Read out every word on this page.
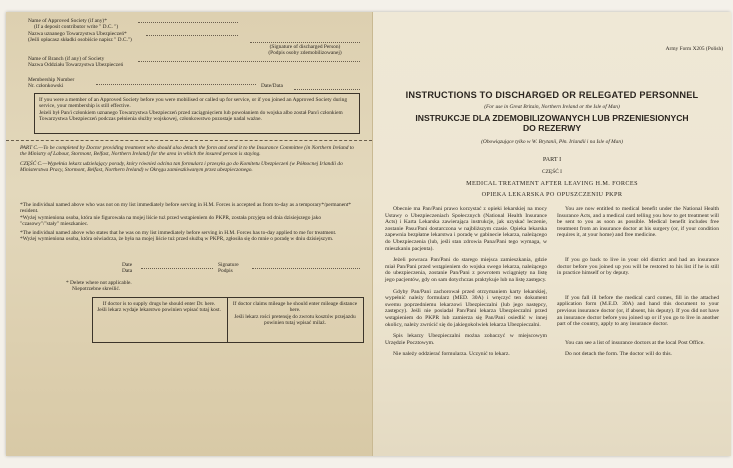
Name of Approved Society (if any)*
(If a deposit contributor write " D.C. ")
Nazwa uznanego Towarzystwa Ubezpieczeń*
(Jeśli opłacasz składki osobiście napisz " D.C.")
(Signature of discharged Person)
(Podpis osoby zdemobilizowanej)
Name of Branch (if any) of Society
Nazwa Oddziału Towarzystwa Ubezpieczeń
Membership Number
Nr. członkowski	Date/Data
If you were a member of an Approved Society before you were mobilised or called up for service, or if you joined an Approved Society during service, your membership is still effective.
Jeżeli był Pan/i członkiem uznanego Towarzystwa Ubezpieczeń przed zaciągnięciem lub powołaniem do wojska albo został Pan/i członkiem Towarzystwa Ubezpieczeń podczas pełnienia służby wojskowej, członkowstwo pozostaje nadal ważne.
PART C.—To be completed by Doctor providing treatment who should also detach the form and send it to the Insurance Committee (in Northern Ireland to the Ministry of Labour, Stormont, Belfast, Northern Ireland) for the area in which the insured person is staying.
CZĘŚĆ C.—Wypełnia lekarz udzielający porady, który również odcina tan formularz i przesyła go do Komitetu Ubezpieczeń (w Północnej Irlandii do Ministerstwa Pracy, Stormont, Belfast, Northern Ireland) w Okręgu zamieszkiwanym przez ubezpieczonego.
*The individual named above who was not on my list immediately before serving in H.M. Forces is accepted as from to-day as a temporary*/permanent* resident.
*Wyżej wymieniona osoba, która nie figurowała na mojej liście tuż przed wstąpieniem do PKPR, została przyjęta od dnia dzisiejszego jako "czasowy"/"stały" mieszkaniec.
*The individual named above who states that he was on my list immediately before serving in H.M. Forces has to-day applied to me for treatment.
*Wyżej wymieniona osoba, która oświadcza, że była na mojej liście tuż przed służbą w PKPR, zgłosiła się do mnie o poradę w dniu dzisiejszym.
Date
Data
Signature
Podpis
* Delete where not applicable.
Niepotrzebne skreślić.
If doctor is to supply drugs he should enter Dr. here.
Jeśli lekarz wydaje lekarstwo powinien wpisać tutaj kost.
If doctor claims mileage he should enter mileage distance here.
Jeśli lekarz rości pretensję do zwrotu kosztów przejazdu powinien tutaj wpisać milaż.
Army Form X205 (Polish)
INSTRUCTIONS TO DISCHARGED OR RELEGATED PERSONNEL
(For use in Great Britain, Northern Ireland or the Isle of Man)
INSTRUKCJE DLA ZDEMOBILIZOWANYCH LUB PRZENIESIONYCH
DO REZERWY
(Obowiązujące tylko w W. Brytanii, Płn. Irlandii i na Isle of Man)
PART I
CZĘŚĆ I
MEDICAL TREATMENT AFTER LEAVING H.M. FORCES
OPIEKA LEKARSKA PO OPUSZCZENIU PKPR
Obecnie ma Pan/Pani prawo korzystać z opieki lekarskiej na mocy Ustawy o Ubezpieczeniach Społecznych (National Health Insurance Acts) i Karta Lekarska zawierająca instrukcje, jak uzyskać leczenie, zostanie Pasu/Pani dostarczona w najbliższym czasie. Opieka lekarska zapewnia bezpłatne lekarstwa i poradę w gabinecie lekarza, należącego do Ubezpieczenia (lub, jeśli stan zdrowia Pana/Pani tego wymaga, w mieszkaniu pacjenta).
Jeżeli powraca Pan/Pani do starego miejsca zamieszkania, gdzie miał Pan/Pani przed wstąpieniem do wojska swego lekarza, należącego do ubezpieczenia, zostanie Pan/Pani z powrotem wciągnięty na listę jego pacjentów, gdy on sam dotychczas praktykuje lub na listę zastępcy.
Gdyby Pan/Pani zachorował przed otrzymaniem karty lekarskiej, wypełnić należy formularz (MED. 30A) i wręczyć ten dokument swemu poprzedniemu lekarzowi Ubezpieczalni (lub jego następcy, zastępcy). Jeśli nie posiadał Pan/Pani lekarza Ubezpieczalni przed wstąpieniem do PKPR lub zamierza się Pan/Pani osiedlić w innej okolicy, należy zwrócić się do jakiegokolwiek lekarza Ubezpieczalni.
Spis lekarzy Ubezpieczalni można zobaczyć w miejscowym Urzędzie Pocztowym.
Nie należy oddzierać formularza. Uczynić to lekarz.
You are now entitled to medical benefit under the National Health Insurance Acts, and a medical card telling you how to get treatment will be sent to you as soon as possible. Medical benefit includes free treatment from an insurance doctor at his surgery (or, if your condition requires it, at your home) and free medicine.
If you go back to live in your old district and had an insurance doctor before you joined up you will be restored to his list if he is still in practice himself or by deputy.
If you fall ill before the medical card comes, fill in the attached application form (M.E.D. 30A) and hand this document to your previous insurance doctor (or, if absent, his deputy). If you did not have an insurance doctor before you joined up or if you go to live in another part of the country, apply to any insurance doctor.
You can see a list of insurance doctors at the local Post Office.
Do not detach the form. The doctor will do this.
